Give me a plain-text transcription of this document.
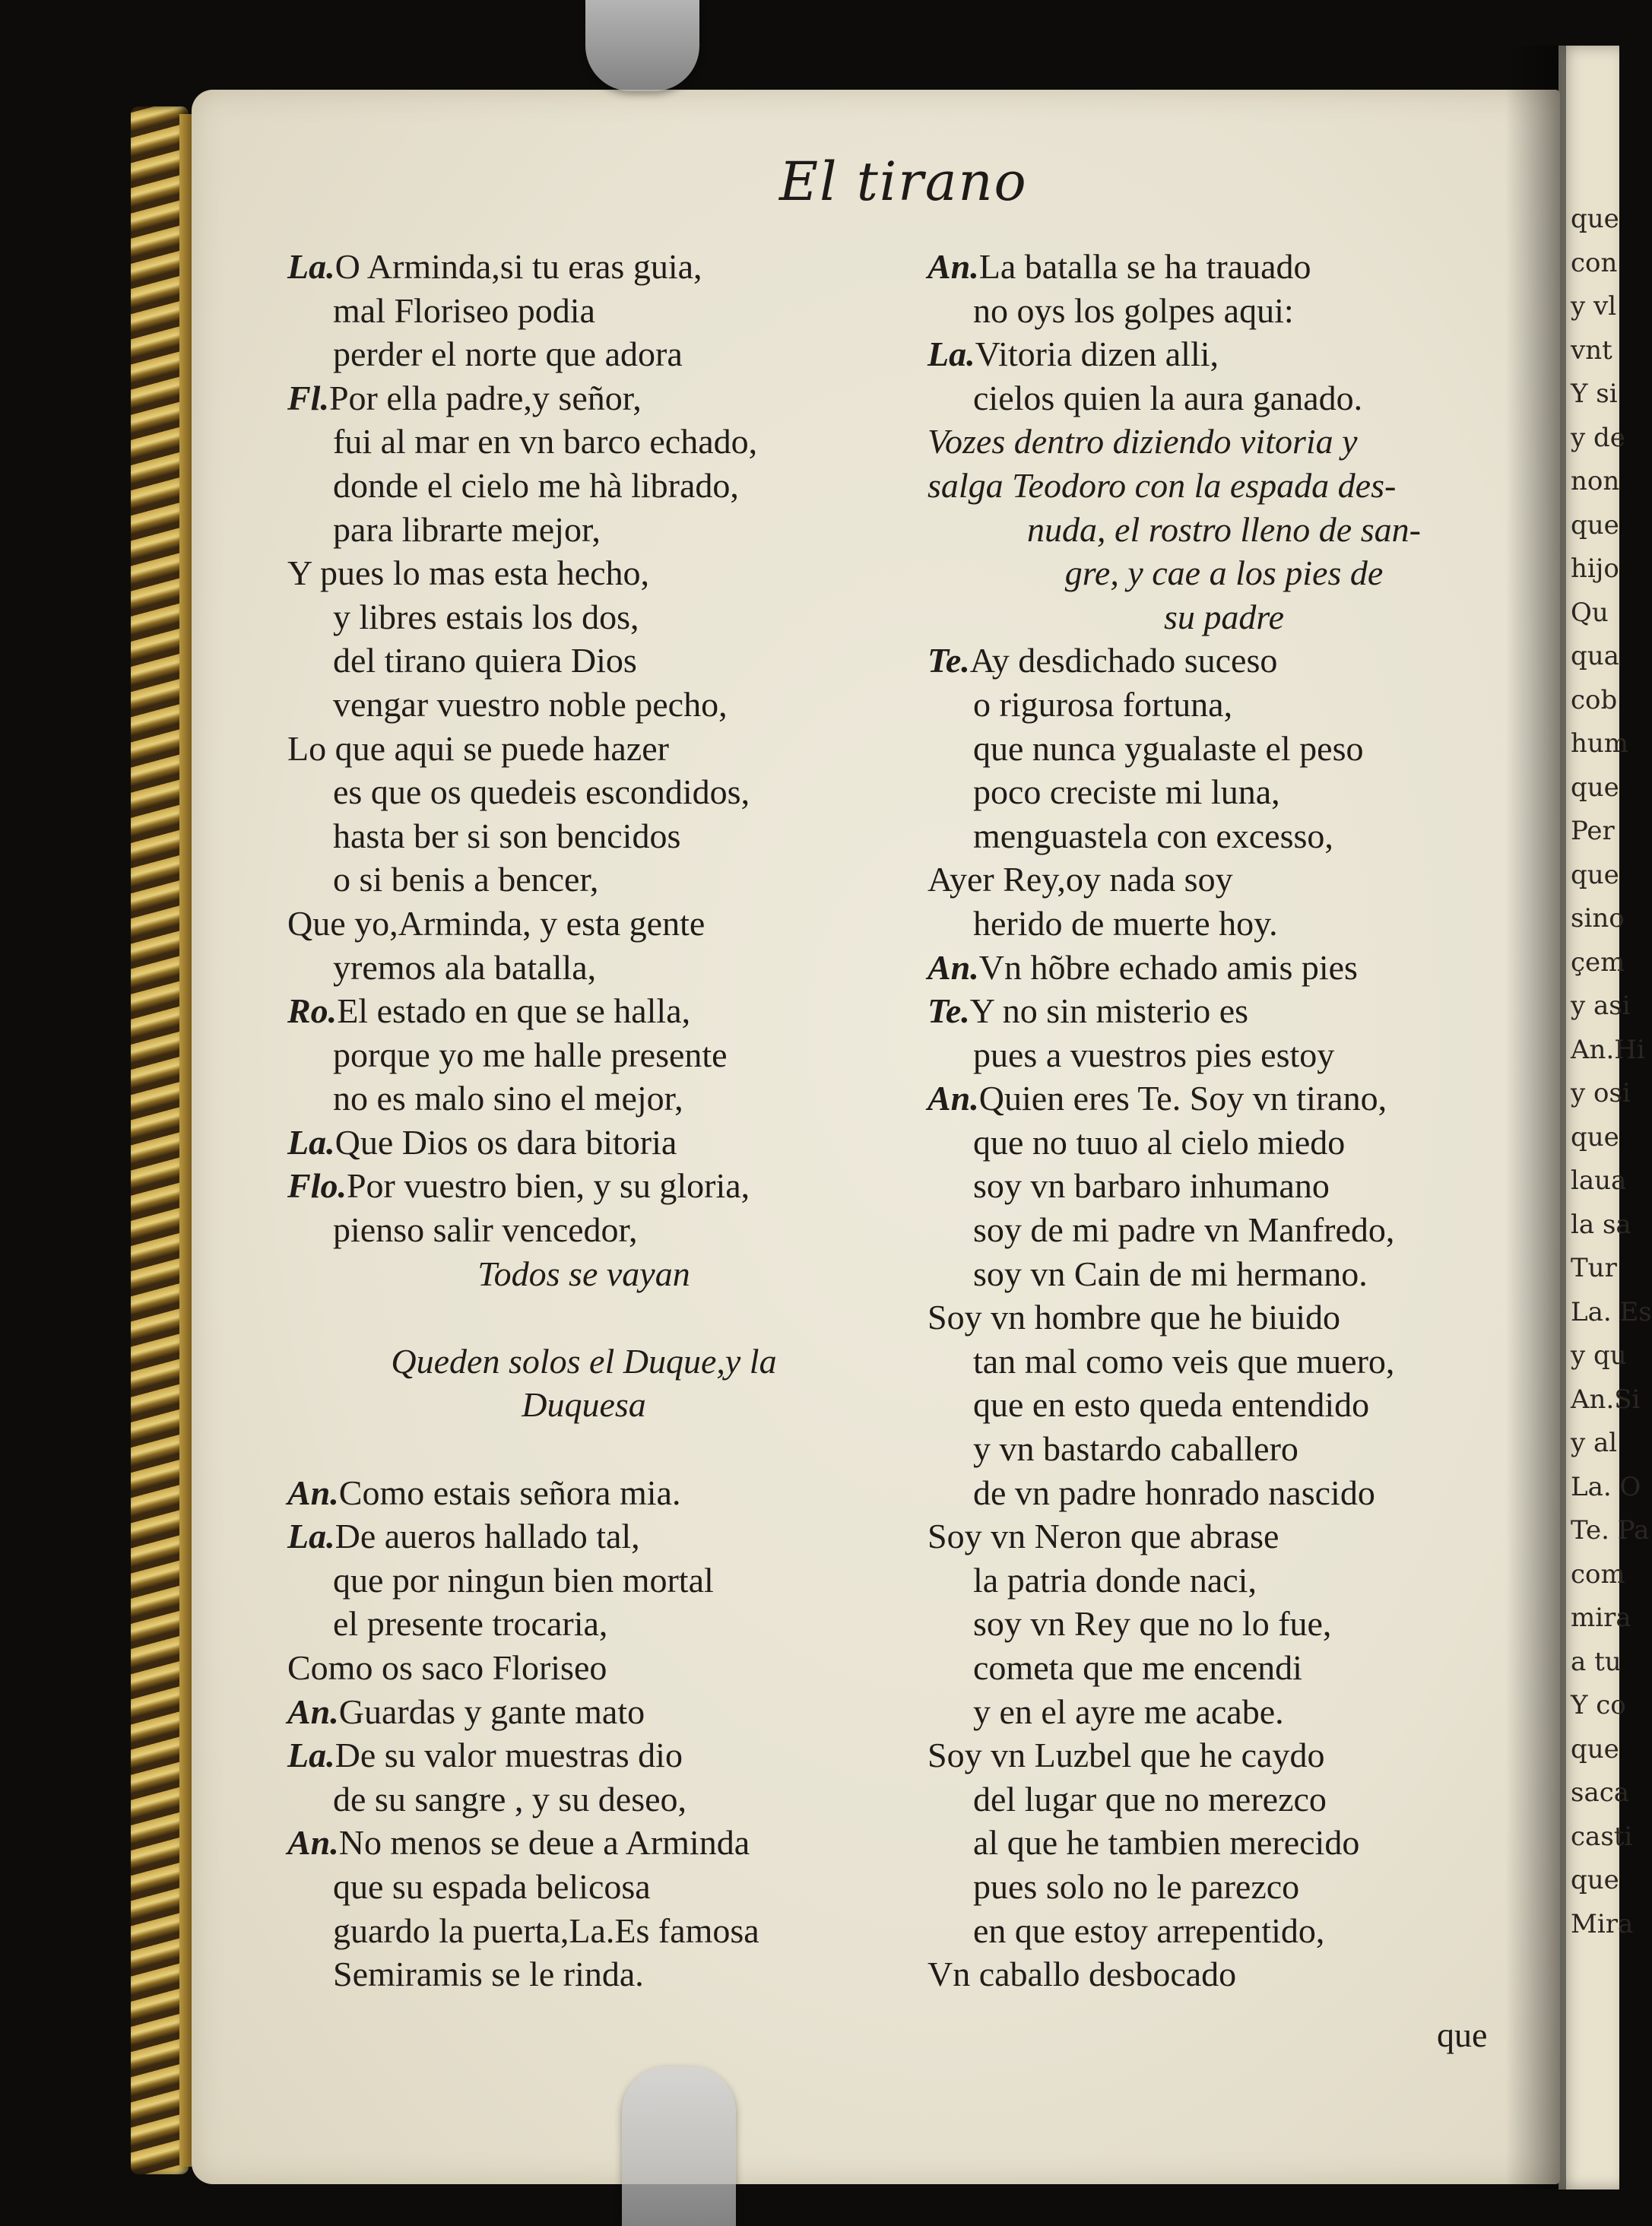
que
con
y vl
vnt
Y si
y de
non
que
hijo
Qu
qua
cob
hum
que
Per
que
sino
çem
y asi
An.Hi
y osi
que
laua
la sa
Tur
La. Es
y qu
An.Si
y al
La. O
Te. Pa
com
mira
a tu
Y co
que
saca
casti
que
Mira
El tirano
La.O Arminda,si tu eras guia,
mal Floriseo podia
perder el norte que adora
Fl.Por ella padre,y señor,
fui al mar en vn barco echado,
donde el cielo me hà librado,
para librarte mejor,
Y pues lo mas esta hecho,
y libres estais los dos,
del tirano quiera Dios
vengar vuestro noble pecho,
Lo que aqui se puede hazer
es que os quedeis escondidos,
hasta ber si son bencidos
o si benis a bencer,
Que yo,Arminda, y esta gente
yremos ala batalla,
Ro.El estado en que se halla,
porque yo me halle presente
no es malo sino el mejor,
La.Que Dios os dara bitoria
Flo.Por vuestro bien, y su gloria,
pienso salir vencedor,
Todos se vayan
Queden solos el Duque,y la
Duquesa
An.Como estais señora mia.
La.De aueros hallado tal,
que por ningun bien mortal
el presente trocaria,
Como os saco Floriseo
An.Guardas y gante mato
La.De su valor muestras dio
de su sangre , y su deseo,
An.No menos se deue a Arminda
que su espada belicosa
guardo la puerta,La.Es famosa
Semiramis se le rinda.
An.La batalla se ha trauado
no oys los golpes aqui:
La.Vitoria dizen alli,
cielos quien la aura ganado.
Vozes dentro diziendo vitoria y
salga Teodoro con la espada des-
nuda, el rostro lleno de san-
gre, y cae a los pies de
su padre
Te.Ay desdichado suceso
o rigurosa fortuna,
que nunca ygualaste el peso
poco creciste mi luna,
menguastela con excesso,
Ayer Rey,oy nada soy
herido de muerte hoy.
An.Vn hõbre echado amis pies
Te.Y no sin misterio es
pues a vuestros pies estoy
An.Quien eres Te. Soy vn tirano,
que no tuuo al cielo miedo
soy vn barbaro inhumano
soy de mi padre vn Manfredo,
soy vn Cain de mi hermano.
Soy vn hombre que he biuido
tan mal como veis que muero,
que en esto queda entendido
y vn bastardo caballero
de vn padre honrado nascido
Soy vn Neron que abrase
la patria donde naci,
soy vn Rey que no lo fue,
cometa que me encendi
y en el ayre me acabe.
Soy vn Luzbel que he caydo
del lugar que no merezco
al que he tambien merecido
pues solo no le parezco
en que estoy arrepentido,
Vn caballo desbocado
que
